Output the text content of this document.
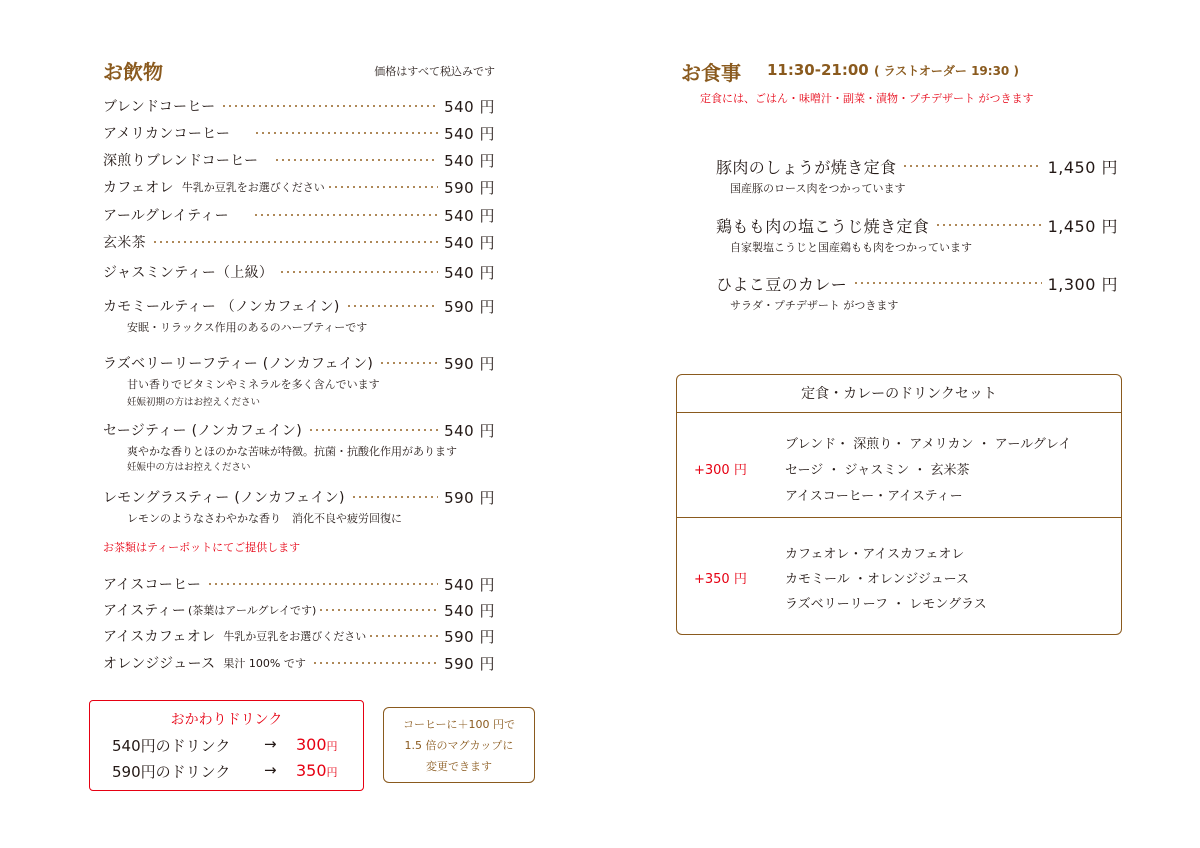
お飲物	価格はすべて税込みです
ブレンドコーヒー	540 円
アメリカンコーヒー	540 円
深煎りブレンドコーヒー	540 円
カフェオレ 牛乳か豆乳をお選びください	590 円
アールグレイティー	540 円
玄米茶	540 円
ジャスミンティー（上級）	540 円
カモミールティー （ノンカフェイン)	590 円
安眠・リラックス作用のあるのハーブティーです
ラズベリーリーフティー (ノンカフェイン)	590 円
甘い香りでビタミンやミネラルを多く含んでいます
妊娠初期の方はお控えください
セージティー (ノンカフェイン)	540 円
爽やかな香りとほのかな苦味が特徴。抗菌・抗酸化作用があります
妊娠中の方はお控えください
レモングラスティー (ノンカフェイン)	590 円
レモンのようなさわやかな香り　消化不良や疲労回復に
お茶類はティーポットにてご提供します
アイスコーヒー	540 円
アイスティー (茶葉はアールグレイです)	540 円
アイスカフェオレ 牛乳か豆乳をお選びください	590 円
オレンジジュース 果汁 100% です	590 円
おかわりドリンク
540円のドリンク → 300円
590円のドリンク → 350円
コーヒーに＋100 円で
1.5 倍のマグカップに
変更できます
お食事 11:30-21:00 ( ラストオーダー 19:30 )
定食には、ごはん・味噌汁・副菜・漬物・プチデザート がつきます
豚肉のしょうが焼き定食	1,450 円
国産豚のロース肉をつかっています
鶏もも肉の塩こうじ焼き定食	1,450 円
自家製塩こうじと国産鶏もも肉をつかっています
ひよこ豆のカレー	1,300 円
サラダ・プチデザート がつきます
定食・カレーのドリンクセット
+300 円
ブレンド・ 深煎り・ アメリカン ・ アールグレイ
セージ ・ ジャスミン ・ 玄米茶
アイスコーヒー・アイスティー
+350 円
カフェオレ・アイスカフェオレ
カモミール ・オレンジジュース
ラズベリーリーフ ・ レモングラス
